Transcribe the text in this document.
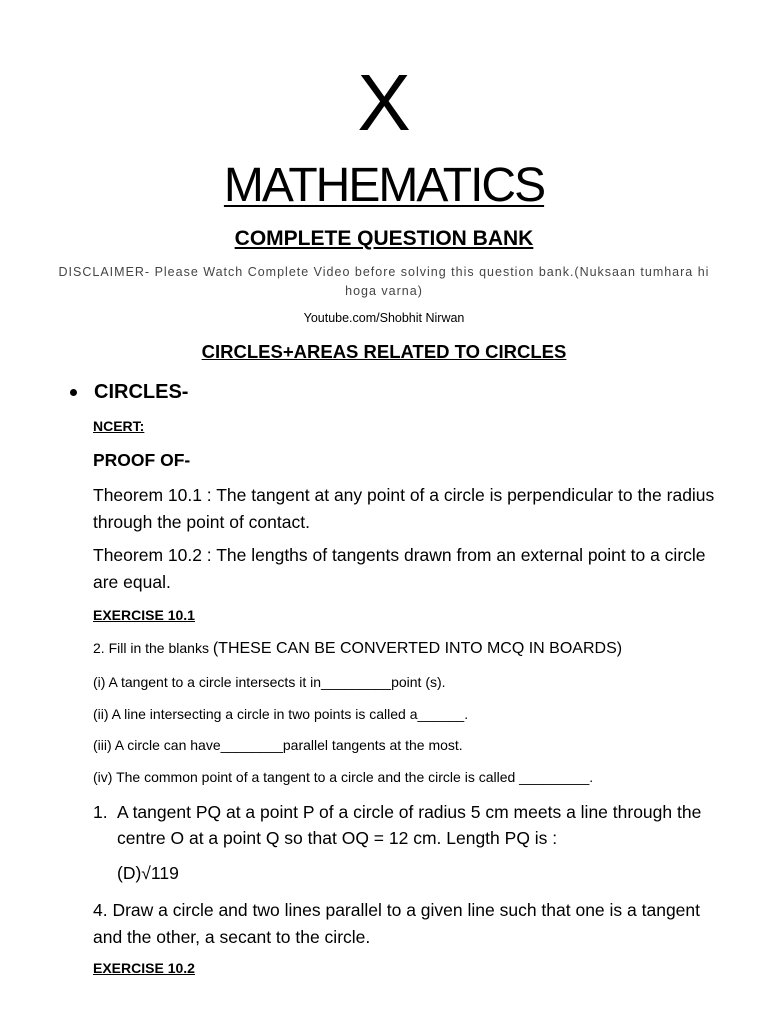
X
MATHEMATICS
COMPLETE QUESTION BANK
DISCLAIMER- Please Watch Complete Video before solving this question bank.(Nuksaan tumhara hi hoga varna)
Youtube.com/Shobhit Nirwan
CIRCLES+AREAS RELATED TO CIRCLES
CIRCLES-
NCERT:
PROOF OF-
Theorem 10.1 : The tangent at any point of a circle is perpendicular to the radius through the point of contact.
Theorem 10.2 : The lengths of tangents drawn from an external point to a circle are equal.
EXERCISE 10.1
2. Fill in the blanks (THESE CAN BE CONVERTED INTO MCQ IN BOARDS)
(i) A tangent to a circle intersects it in_________point (s).
(ii) A line intersecting a circle in two points is called a______.
(iii) A circle can have________parallel tangents at the most.
(iv) The common point of a tangent to a circle and the circle is called _________.
1. A tangent PQ at a point P of a circle of radius 5 cm meets a line through the centre O at a point Q so that OQ = 12 cm. Length PQ is :
(D)√119
4. Draw a circle and two lines parallel to a given line such that one is a tangent and the other, a secant to the circle.
EXERCISE 10.2
